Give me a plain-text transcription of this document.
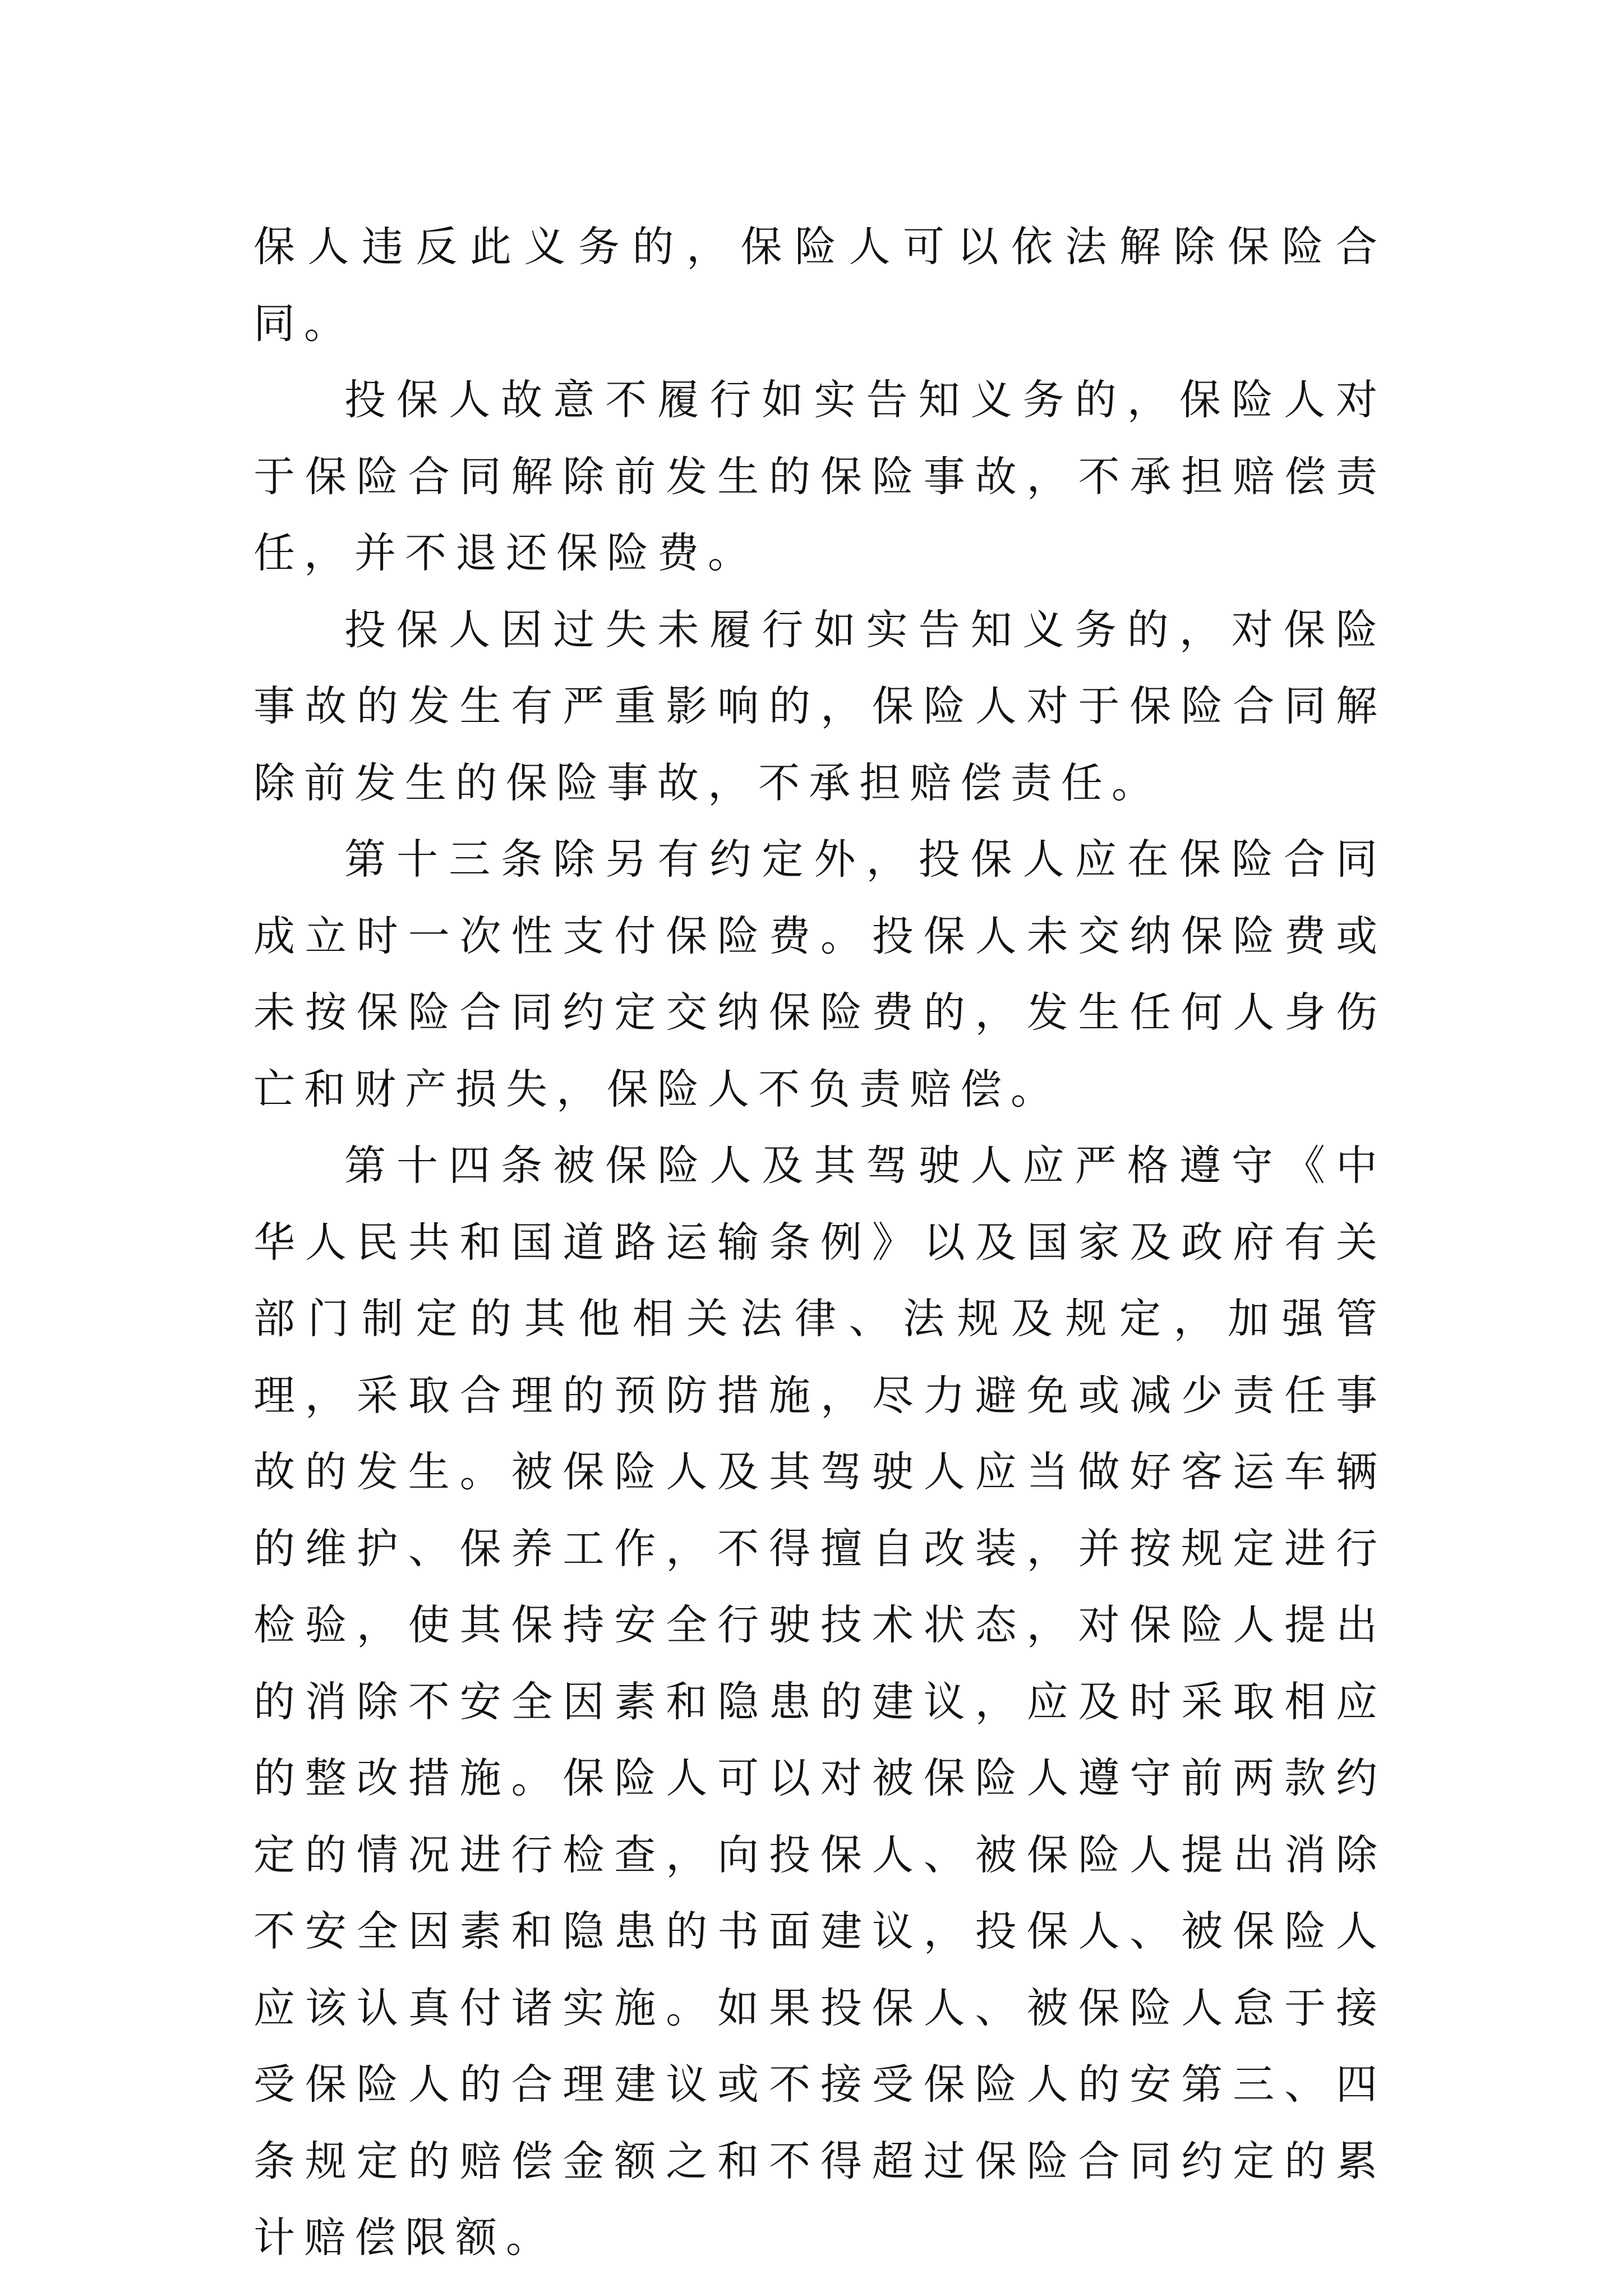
保人违反此义务的，保险人可以依法解除保险合同。

投保人故意不履行如实告知义务的，保险人对于保险合同解除前发生的保险事故，不承担赔偿责任，并不退还保险费。

投保人因过失未履行如实告知义务的，对保险事故的发生有严重影响的，保险人对于保险合同解除前发生的保险事故，不承担赔偿责任。

第十三条除另有约定外，投保人应在保险合同成立时一次性支付保险费。投保人未交纳保险费或未按保险合同约定交纳保险费的，发生任何人身伤亡和财产损失，保险人不负责赔偿。

第十四条被保险人及其驾驶人应严格遵守《中华人民共和国道路运输条例》以及国家及政府有关部门制定的其他相关法律、法规及规定，加强管理，采取合理的预防措施，尽力避免或减少责任事故的发生。被保险人及其驾驶人应当做好客运车辆的维护、保养工作，不得擅自改装，并按规定进行检验，使其保持安全行驶技术状态，对保险人提出的消除不安全因素和隐患的建议，应及时采取相应的整改措施。保险人可以对被保险人遵守前两款约定的情况进行检查，向投保人、被保险人提出消除不安全因素和隐患的书面建议，投保人、被保险人应该认真付诸实施。如果投保人、被保险人怠于接受保险人的合理建议或不接受保险人的安第三、四条规定的赔偿金额之和不得超过保险合同约定的累计赔偿限额。
